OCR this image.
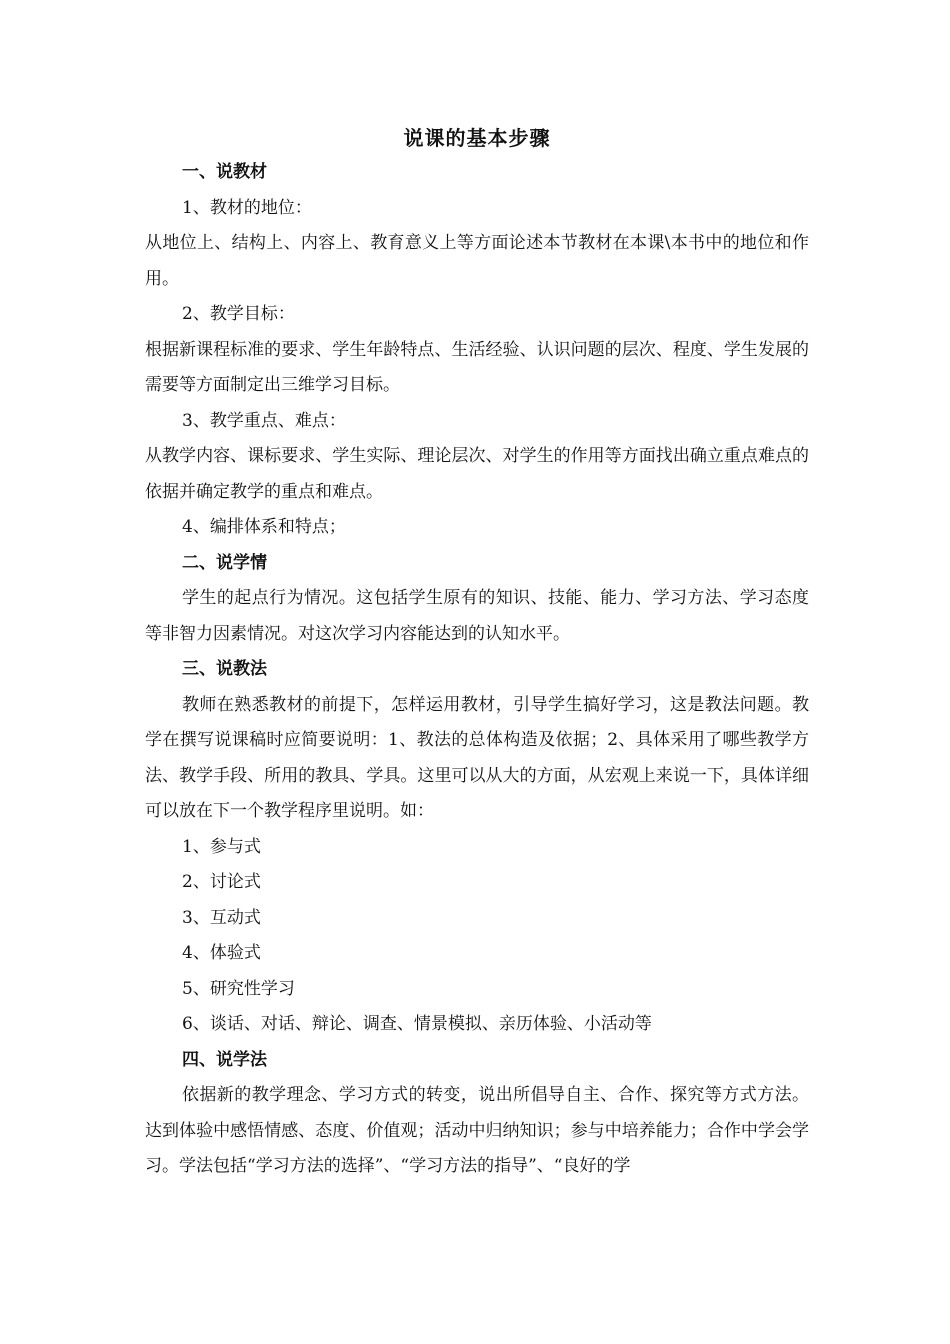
说课的基本步骤
一、说教材
1、教材的地位：

从地位上、结构上、内容上、教育意义上等方面论述本节教材在本课\本书中的地位和作用。

2、教学目标：

根据新课程标准的要求、学生年龄特点、生活经验、认识问题的层次、程度、学生发展的需要等方面制定出三维学习目标。

3、教学重点、难点：

从教学内容、课标要求、学生实际、理论层次、对学生的作用等方面找出确立重点难点的依据并确定教学的重点和难点。

4、编排体系和特点；
二、说学情

学生的起点行为情况。这包括学生原有的知识、技能、能力、学习方法、学习态度等非智力因素情况。对这次学习内容能达到的认知水平。

三、说教法

教师在熟悉教材的前提下，怎样运用教材，引导学生搞好学习，这是教法问题。教学在撰写说课稿时应简要说明：1、教法的总体构造及依据；2、具体采用了哪些教学方法、教学手段、所用的教具、学具。这里可以从大的方面，从宏观上来说一下，具体详细可以放在下一个教学程序里说明。如：

1、参与式
2、讨论式
3、互动式
4、体验式
5、研究性学习
6、谈话、对话、辩论、调查、情景模拟、亲历体验、小活动等
四、说学法

依据新的教学理念、学习方式的转变，说出所倡导自主、合作、探究等方式方法。达到体验中感悟情感、态度、价值观；活动中归纳知识；参与中培养能力；合作中学会学习。学法包括“学习方法的选择”、“学习方法的指导”、“良好的学
